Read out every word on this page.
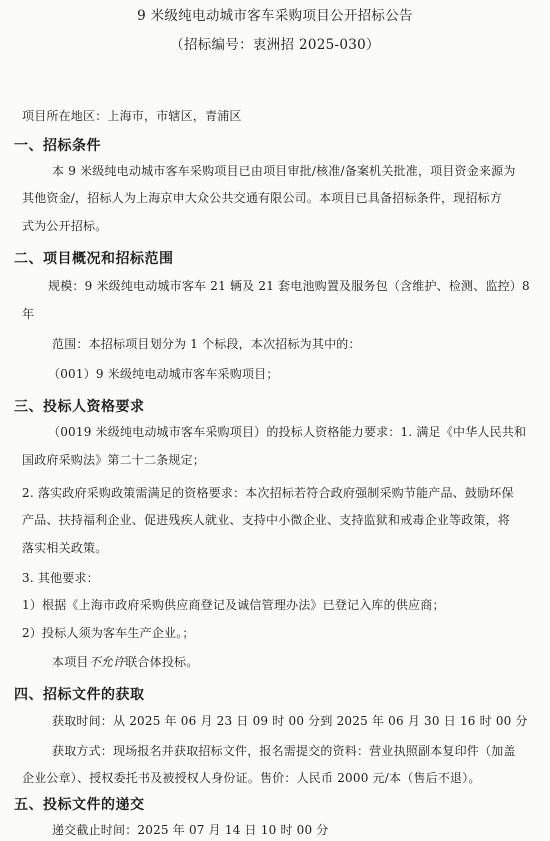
9 米级纯电动城市客车采购项目公开招标公告
（招标编号：衷洲招 2025-030）
项目所在地区：上海市，市辖区，青浦区
一、招标条件
本 9 米级纯电动城市客车采购项目已由项目审批/核准/备案机关批准，项目资金来源为
其他资金/，招标人为上海京申大众公共交通有限公司。本项目已具备招标条件，现招标方
式为公开招标。
二、项目概况和招标范围
规模：9 米级纯电动城市客车 21 辆及 21 套电池购置及服务包（含维护、检测、监控）8
年
范围：本招标项目划分为 1 个标段，本次招标为其中的：
（001）9 米级纯电动城市客车采购项目；
三、投标人资格要求
（0019 米级纯电动城市客车采购项目）的投标人资格能力要求：1. 满足《中华人民共和
国政府采购法》第二十二条规定；
2. 落实政府采购政策需满足的资格要求：本次招标若符合政府强制采购节能产品、鼓励环保
产品、扶持福利企业、促进残疾人就业、支持中小微企业、支持监狱和戒毒企业等政策，将
落实相关政策。
3. 其他要求：
1）根据《上海市政府采购供应商登记及诚信管理办法》已登记入库的供应商；
2）投标人须为客车生产企业。；
本项目不允许联合体投标。
四、招标文件的获取
获取时间：从 2025 年 06 月 23 日 09 时 00 分到 2025 年 06 月 30 日 16 时 00 分
获取方式：现场报名并获取招标文件，报名需提交的资料：营业执照副本复印件（加盖
企业公章）、授权委托书及被授权人身份证。售价：人民币 2000 元/本（售后不退）。
五、投标文件的递交
递交截止时间：2025 年 07 月 14 日 10 时 00 分
